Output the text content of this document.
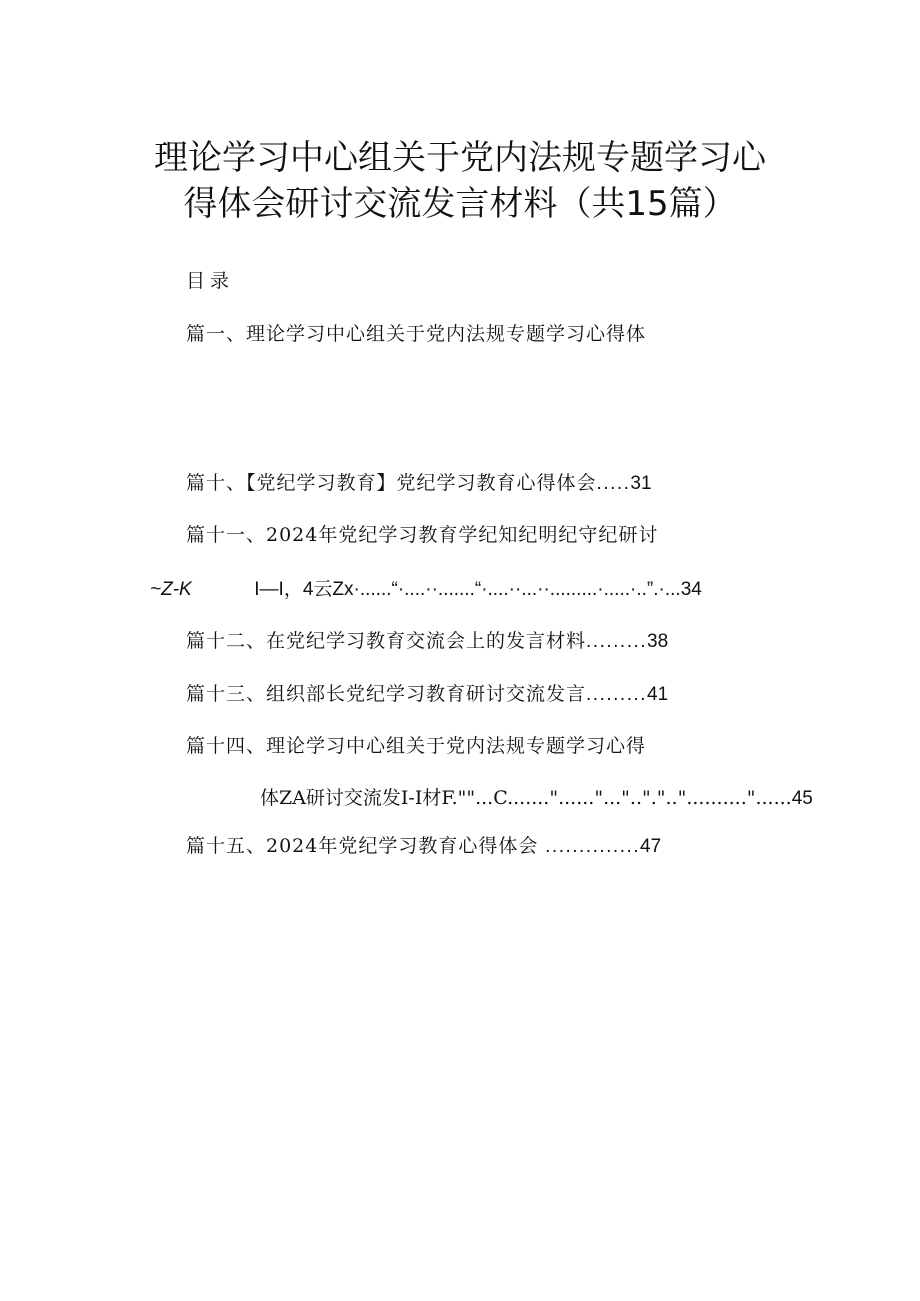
理论学习中心组关于党内法规专题学习心
得体会研讨交流发言材料（共15篇）
目录
篇一、理论学习中心组关于党内法规专题学习心得体
篇十、【党纪学习教育】党纪学习教育心得体会.....31
篇十一、2024年党纪学习教育学纪知纪明纪守纪研讨
~Z-K	I—I，4云Zx·......“·....··.......“·....··...··.........·.....·..”.·...34
篇十二、在党纪学习教育交流会上的发言材料.........38
篇十三、组织部长党纪学习教育研讨交流发言.........41
篇十四、理论学习中心组关于党内法规专题学习心得
体ZA研讨交流发I-I材F.""...C......."......"...".."."..".........."......45
篇十五、2024年党纪学习教育心得体会 ..............47
